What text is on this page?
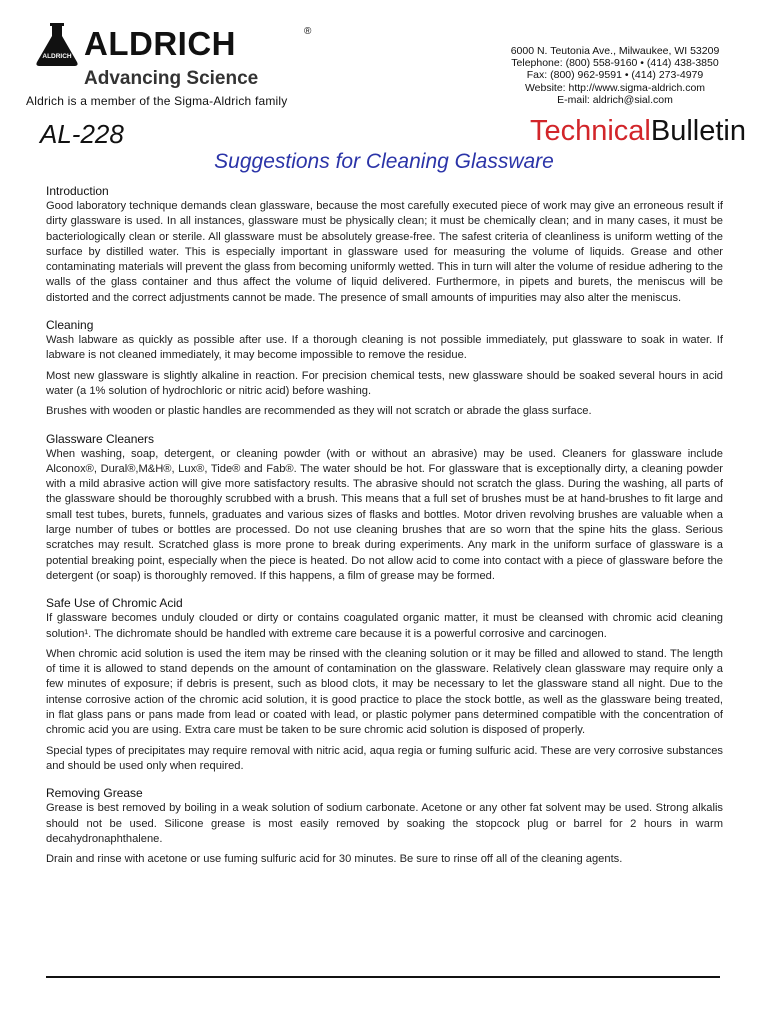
ALDRICH ALDRICH	®
Advancing Science
Aldrich is a member of the Sigma-Aldrich family
6000 N. Teutonia Ave., Milwaukee, WI 53209
Telephone: (800) 558-9160 • (414) 438-3850
Fax: (800) 962-9591 • (414) 273-4979
Website: http://www.sigma-aldrich.com
E-mail: aldrich@sial.com
AL-228	TechnicalBulletin
Suggestions for Cleaning Glassware
Introduction

Good laboratory technique demands clean glassware, because the most carefully executed piece of work may give an erroneous result if dirty glassware is used. In all instances, glassware must be physically clean; it must be chemically clean; and in many cases, it must be bacteriologically clean or sterile. All glassware must be absolutely grease-free. The safest criteria of cleanliness is uniform wetting of the surface by distilled water. This is especially important in glassware used for measuring the volume of liquids. Grease and other contaminating materials will prevent the glass from becoming uniformly wetted. This in turn will alter the volume of residue adhering to the walls of the glass container and thus affect the volume of liquid delivered. Furthermore, in pipets and burets, the meniscus will be distorted and the correct adjustments cannot be made. The presence of small amounts of impurities may also alter the meniscus.

Cleaning

Wash labware as quickly as possible after use. If a thorough cleaning is not possible immediately, put glassware to soak in water. If labware is not cleaned immediately, it may become impossible to remove the residue.

Most new glassware is slightly alkaline in reaction. For precision chemical tests, new glassware should be soaked several hours in acid water (a 1% solution of hydrochloric or nitric acid) before washing.

Brushes with wooden or plastic handles are recommended as they will not scratch or abrade the glass surface.

Glassware Cleaners

When washing, soap, detergent, or cleaning powder (with or without an abrasive) may be used. Cleaners for glassware include Alconox®, Dural®,M&H®, Lux®, Tide® and Fab®. The water should be hot. For glassware that is exceptionally dirty, a cleaning powder with a mild abrasive action will give more satisfactory results. The abrasive should not scratch the glass. During the washing, all parts of the glassware should be thoroughly scrubbed with a brush. This means that a full set of brushes must be at hand-brushes to fit large and small test tubes, burets, funnels, graduates and various sizes of flasks and bottles. Motor driven revolving brushes are valuable when a large number of tubes or bottles are processed. Do not use cleaning brushes that are so worn that the spine hits the glass. Serious scratches may result. Scratched glass is more prone to break during experiments. Any mark in the uniform surface of glassware is a potential breaking point, especially when the piece is heated. Do not allow acid to come into contact with a piece of glassware before the detergent (or soap) is thoroughly removed. If this happens, a film of grease may be formed.

Safe Use of Chromic Acid

If glassware becomes unduly clouded or dirty or contains coagulated organic matter, it must be cleansed with chromic acid cleaning solution¹. The dichromate should be handled with extreme care because it is a powerful corrosive and carcinogen.

When chromic acid solution is used the item may be rinsed with the cleaning solution or it may be filled and allowed to stand. The length of time it is allowed to stand depends on the amount of contamination on the glassware. Relatively clean glassware may require only a few minutes of exposure; if debris is present, such as blood clots, it may be necessary to let the glassware stand all night. Due to the intense corrosive action of the chromic acid solution, it is good practice to place the stock bottle, as well as the glassware being treated, in flat glass pans or pans made from lead or coated with lead, or plastic polymer pans determined compatible with the concentration of chromic acid you are using. Extra care must be taken to be sure chromic acid solution is disposed of properly.

Special types of precipitates may require removal with nitric acid, aqua regia or fuming sulfuric acid. These are very corrosive substances and should be used only when required.

Removing Grease

Grease is best removed by boiling in a weak solution of sodium carbonate. Acetone or any other fat solvent may be used. Strong alkalis should not be used. Silicone grease is most easily removed by soaking the stopcock plug or barrel for 2 hours in warm decahydronaphthalene.

Drain and rinse with acetone or use fuming sulfuric acid for 30 minutes. Be sure to rinse off all of the cleaning agents.
